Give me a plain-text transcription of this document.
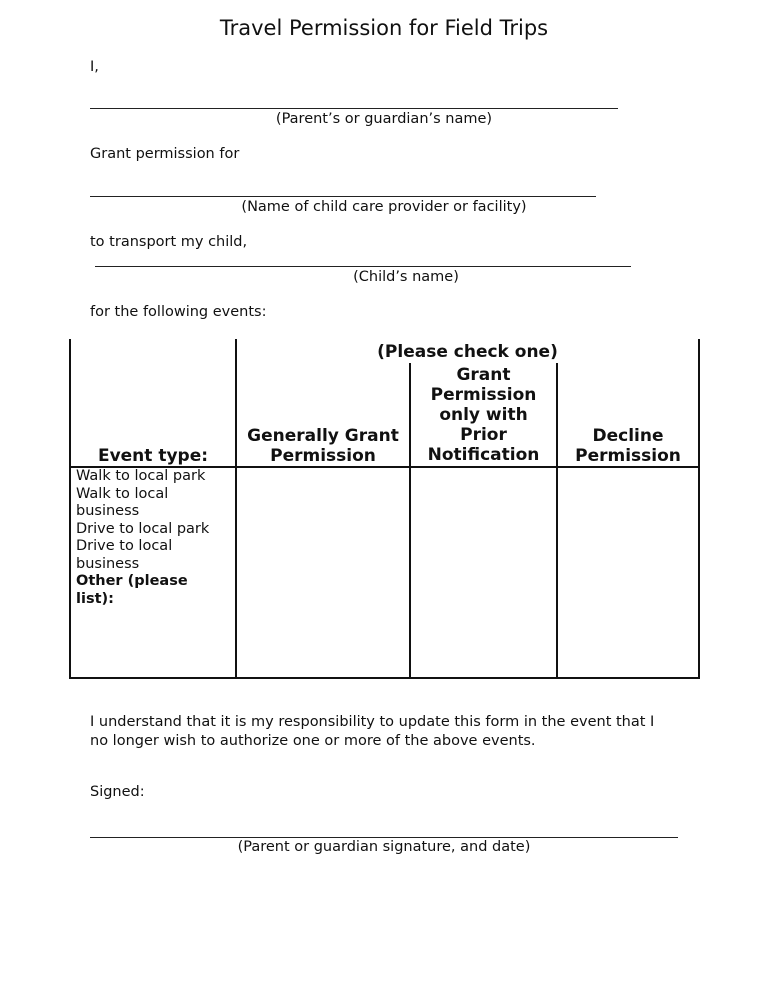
Travel Permission for Field Trips
I,
(Parent’s or guardian’s name)
Grant permission for
(Name of child care provider or facility)
to transport my child,
(Child’s name)
for the following events:
(Please check one)
Event type:
Generally Grant
Permission
Grant
Permission
only with
Prior
Notification
Decline
Permission
Walk to local park
Walk to local
business
Drive to local park
Drive to local
business
Other (please
list):
I understand that it is my responsibility to update this form in the event that I
no longer wish to authorize one or more of the above events.
Signed:
(Parent or guardian signature, and date)
